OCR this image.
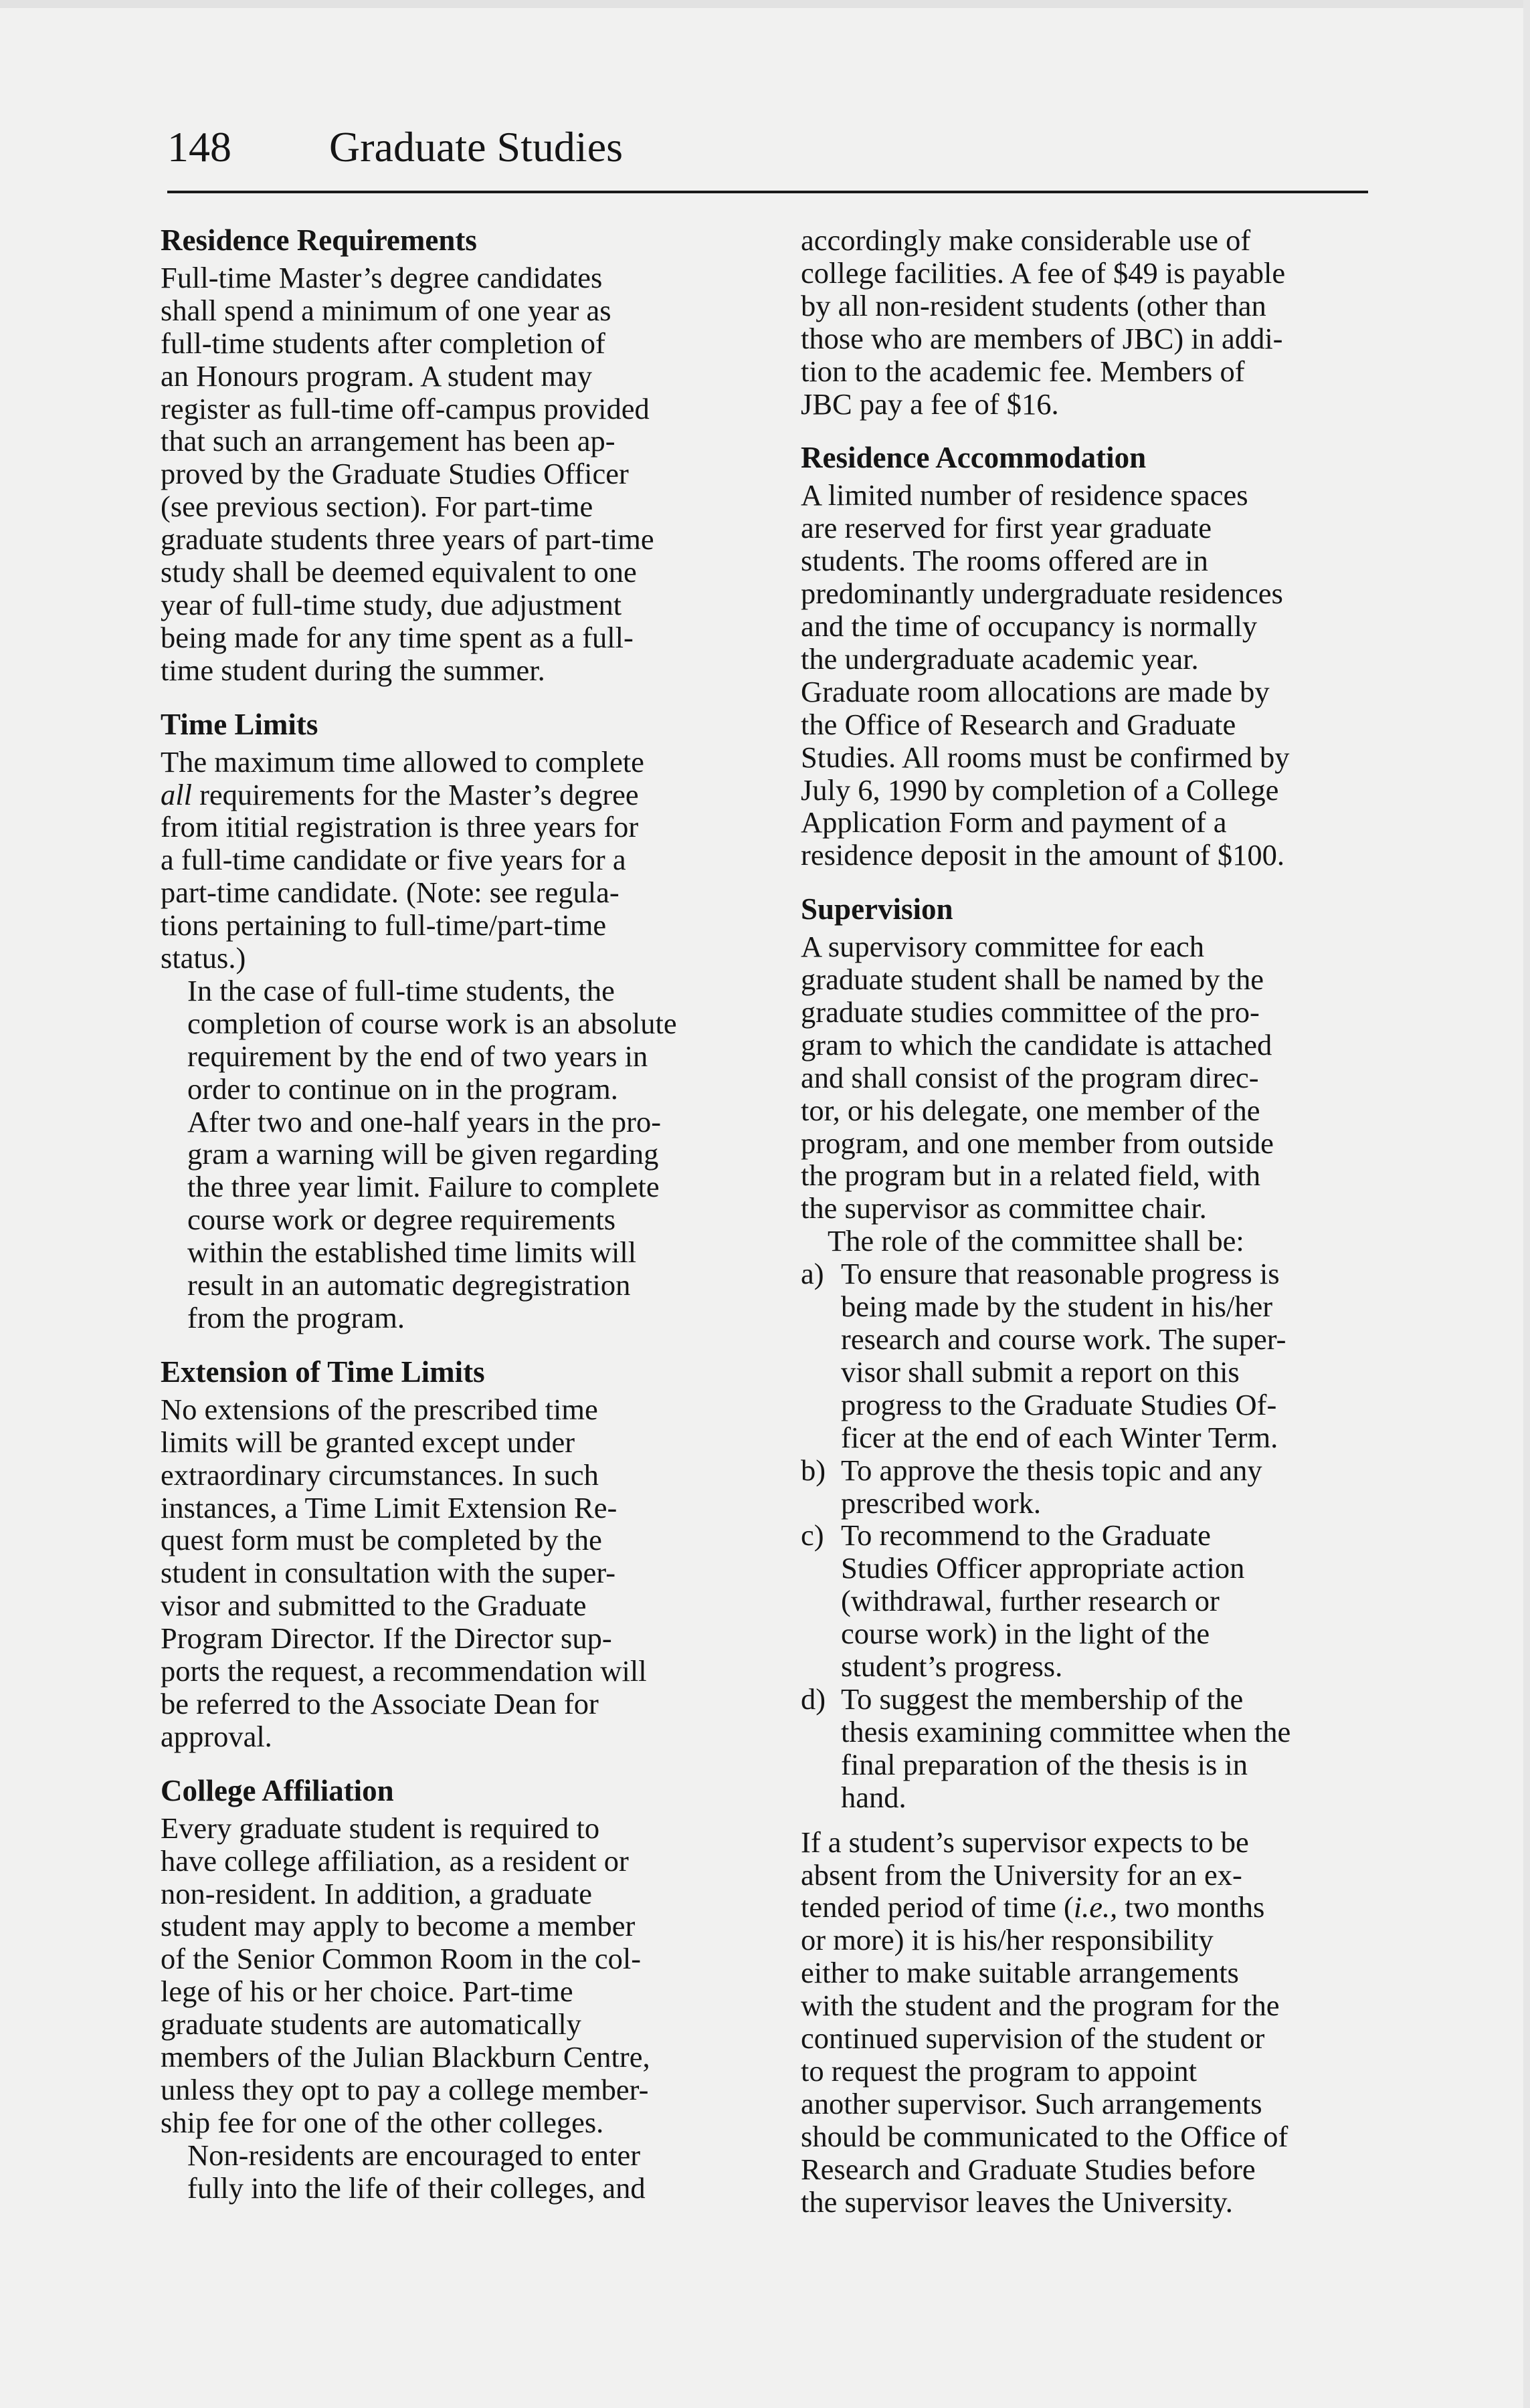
148 Graduate Studies
Residence Requirements

Full-time Master’s degree candidates
shall spend a minimum of one year as
full-time students after completion of
an Honours program. A student may
register as full-time off-campus provided
that such an arrangement has been ap-
proved by the Graduate Studies Officer
(see previous section). For part-time
graduate students three years of part-time
study shall be deemed equivalent to one
year of full-time study, due adjustment
being made for any time spent as a full-
time student during the summer.

Time Limits

The maximum time allowed to complete
all requirements for the Master’s degree
from ititial registration is three years for
a full-time candidate or five years for a
part-time candidate. (Note: see regula-
tions pertaining to full-time/part-time
status.)

In the case of full-time students, the
completion of course work is an absolute
requirement by the end of two years in
order to continue on in the program.
After two and one-half years in the pro-
gram a warning will be given regarding
the three year limit. Failure to complete
course work or degree requirements
within the established time limits will
result in an automatic degregistration
from the program.

Extension of Time Limits

No extensions of the prescribed time
limits will be granted except under
extraordinary circumstances. In such
instances, a Time Limit Extension Re-
quest form must be completed by the
student in consultation with the super-
visor and submitted to the Graduate
Program Director. If the Director sup-
ports the request, a recommendation will
be referred to the Associate Dean for
approval.

College Affiliation

Every graduate student is required to
have college affiliation, as a resident or
non-resident. In addition, a graduate
student may apply to become a member
of the Senior Common Room in the col-
lege of his or her choice. Part-time
graduate students are automatically
members of the Julian Blackburn Centre,
unless they opt to pay a college member-
ship fee for one of the other colleges.

Non-residents are encouraged to enter
fully into the life of their colleges, and

accordingly make considerable use of
college facilities. A fee of $49 is payable
by all non-resident students (other than
those who are members of JBC) in addi-
tion to the academic fee. Members of
JBC pay a fee of $16.

Residence Accommodation

A limited number of residence spaces
are reserved for first year graduate
students. The rooms offered are in
predominantly undergraduate residences
and the time of occupancy is normally
the undergraduate academic year.
Graduate room allocations are made by
the Office of Research and Graduate
Studies. All rooms must be confirmed by
July 6, 1990 by completion of a College
Application Form and payment of a
residence deposit in the amount of $100.

Supervision

A supervisory committee for each
graduate student shall be named by the
graduate studies committee of the pro-
gram to which the candidate is attached
and shall consist of the program direc-
tor, or his delegate, one member of the
program, and one member from outside
the program but in a related field, with
the supervisor as committee chair.

The role of the committee shall be:

a) To ensure that reasonable progress is
being made by the student in his/her
research and course work. The super-
visor shall submit a report on this
progress to the Graduate Studies Of-
ficer at the end of each Winter Term.
b) To approve the thesis topic and any
prescribed work.
c) To recommend to the Graduate
Studies Officer appropriate action
(withdrawal, further research or
course work) in the light of the
student’s progress.
d) To suggest the membership of the
thesis examining committee when the
final preparation of the thesis is in
hand.

If a student’s supervisor expects to be
absent from the University for an ex-
tended period of time (i.e., two months
or more) it is his/her responsibility
either to make suitable arrangements
with the student and the program for the
continued supervision of the student or
to request the program to appoint
another supervisor. Such arrangements
should be communicated to the Office of
Research and Graduate Studies before
the supervisor leaves the University.
